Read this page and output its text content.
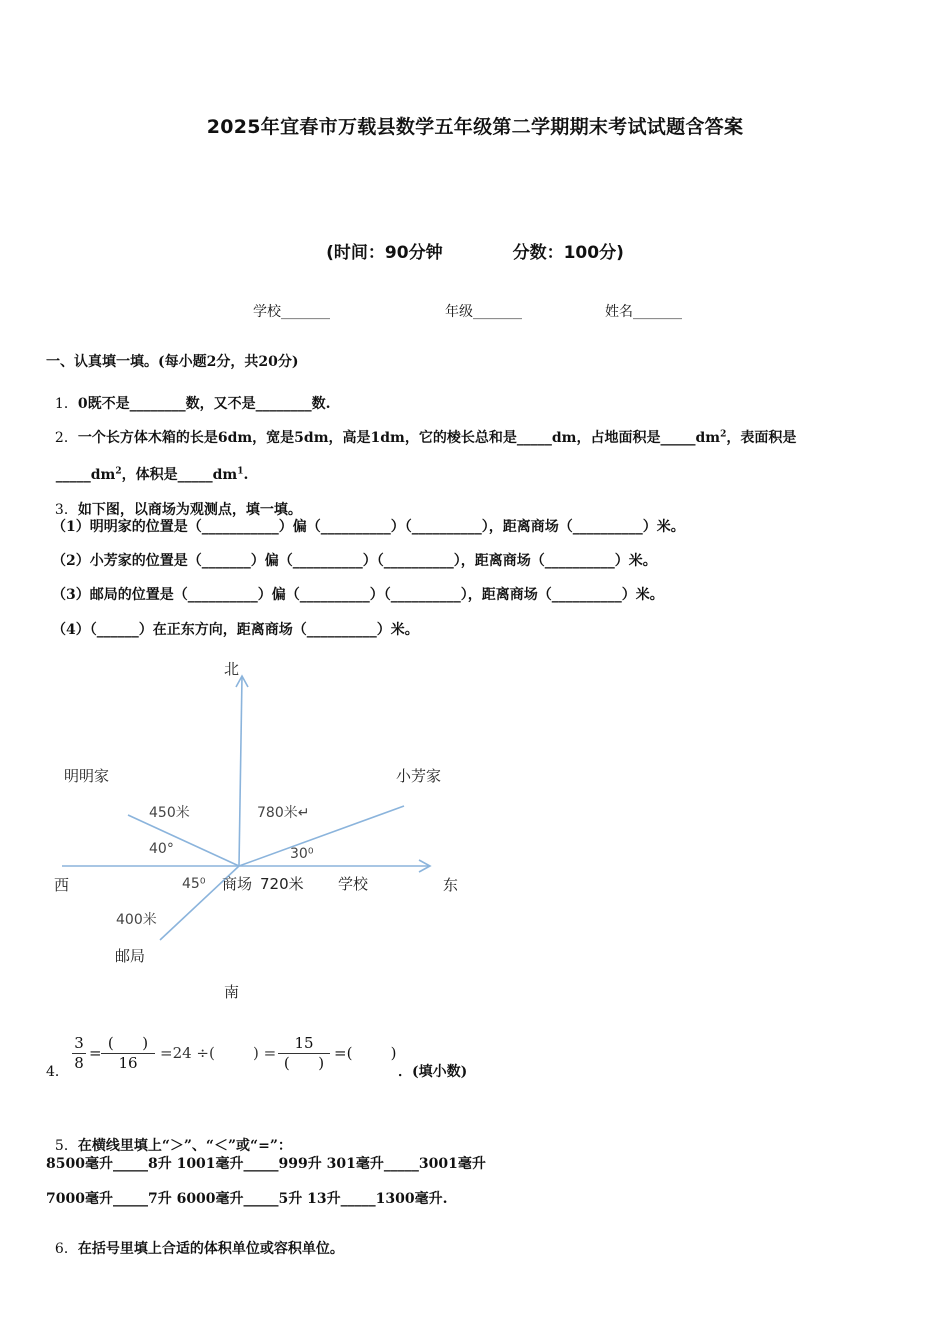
2025年宜春市万载县数学五年级第二学期期末考试试题含答案
(时间：90分钟	分数：100分)
学校_______	年级_______	姓名_______
一、认真填一填。(每小题2分，共20分)

1．0既不是________数，又不是________数.

2．一个长方体木箱的长是6dm，宽是5dm，高是1dm，它的棱长总和是_____dm，占地面积是$\_\_\_\_\_dm^2$，表面积是

$\_\_\_\_\_dm^2$，体积是$\_\_\_\_\_dm^1$.

3．如下图，以商场为观测点，填一填。

（1）明明家的位置是（___________）偏（__________）（__________），距离商场（__________）米。
（2）小芳家的位置是（_______）偏（__________）（__________），距离商场（__________）米。
（3）邮局的位置是（__________）偏（__________）（__________），距离商场（__________）米。
（4）（______）在正东方向，距离商场（__________）米。
北
南
西	东
明明家	小芳家
邮局
商场	学校
720米
450米	780米↵
400米
40°	30⁰
45⁰
4． $\frac{3}{8}$ =
(      )
16
=24 ÷(        ) =
15
(      )
=(        )
．(填小数)

5．在横线里填上“＞”、“＜”或“=”：

8500毫升_____8升 1001毫升_____999升 301毫升_____3001毫升
7000毫升_____7升 6000毫升_____5升 13升_____1300毫升.

6．在括号里填上合适的体积单位或容积单位。
